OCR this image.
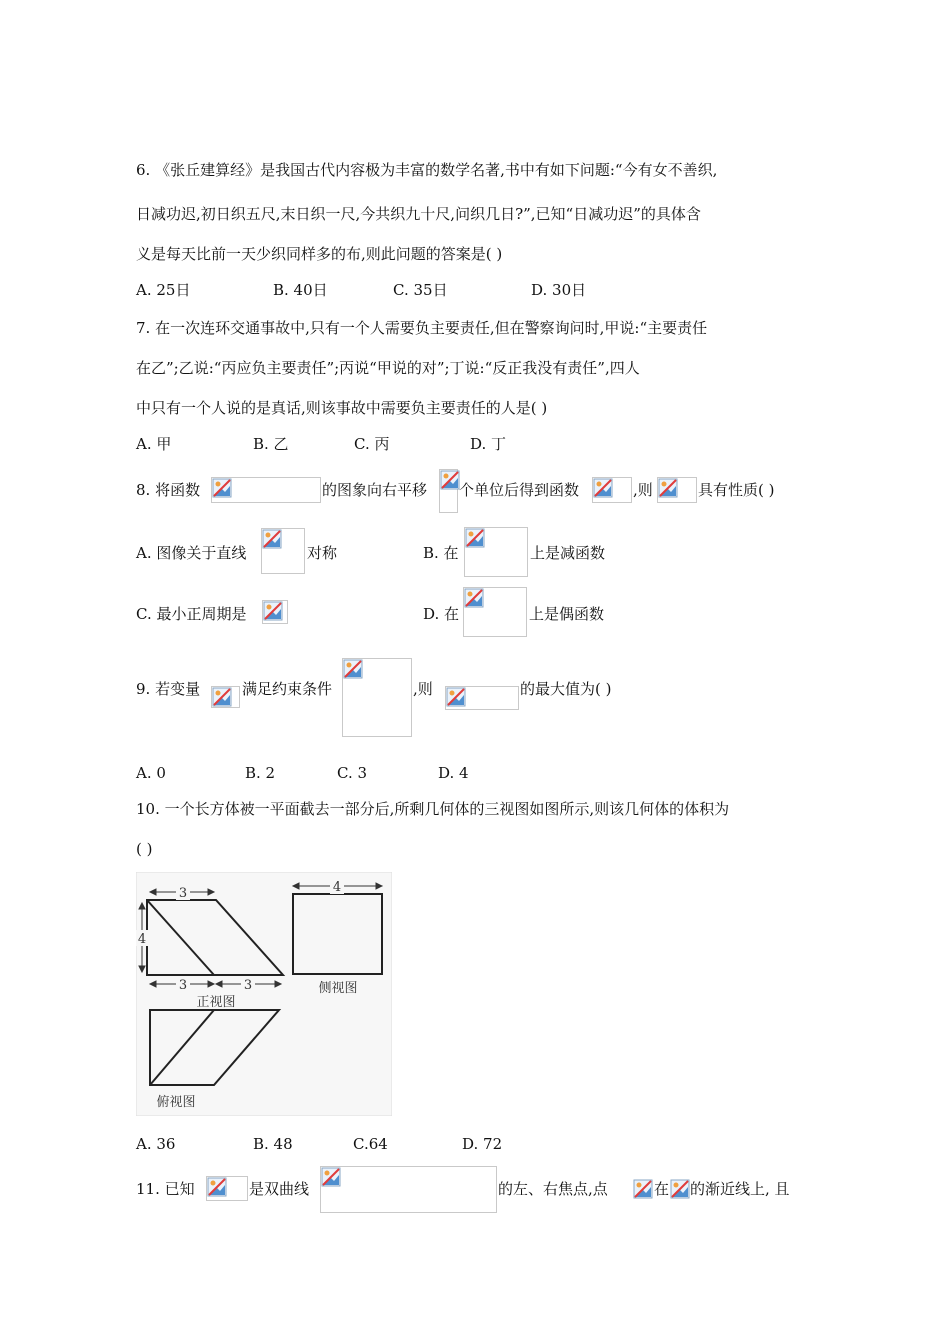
6. 《张丘建算经》是我国古代内容极为丰富的数学名著,书中有如下问题:“今有女不善织,
日减功迟,初日织五尺,末日织一尺,今共织九十尺,问织几日?”,已知“日减功迟”的具体含
义是每天比前一天少织同样多的布,则此问题的答案是( )
A. 25日	B. 40日	C. 35日	D. 30日
7. 在一次连环交通事故中,只有一个人需要负主要责任,但在警察询问时,甲说:“主要责任
在乙”;乙说:“丙应负主要责任”;丙说“甲说的对”;丁说:“反正我没有责任”,四人
中只有一个人说的是真话,则该事故中需要负主要责任的人是( )
A. 甲	B. 乙	C. 丙	D. 丁
8. 将函数	的图象向右平移 个单位后得到函数	,则	具有性质( )
A. 图像关于直线	对称	B. 在	上是减函数
C. 最小正周期是	D. 在	上是偶函数
9. 若变量	满足约束条件	,则	的最大值为( )
A. 0	B. 2	C. 3	D. 4
10. 一个长方体被一平面截去一部分后,所剩几何体的三视图如图所示,则该几何体的体积为
( )
3
4
3	3
正视图
4
侧视图
俯视图
A. 36	B. 48	C.64	D. 72
11. 已知	是双曲线	的左、右焦点,点	在 的渐近线上, 且
